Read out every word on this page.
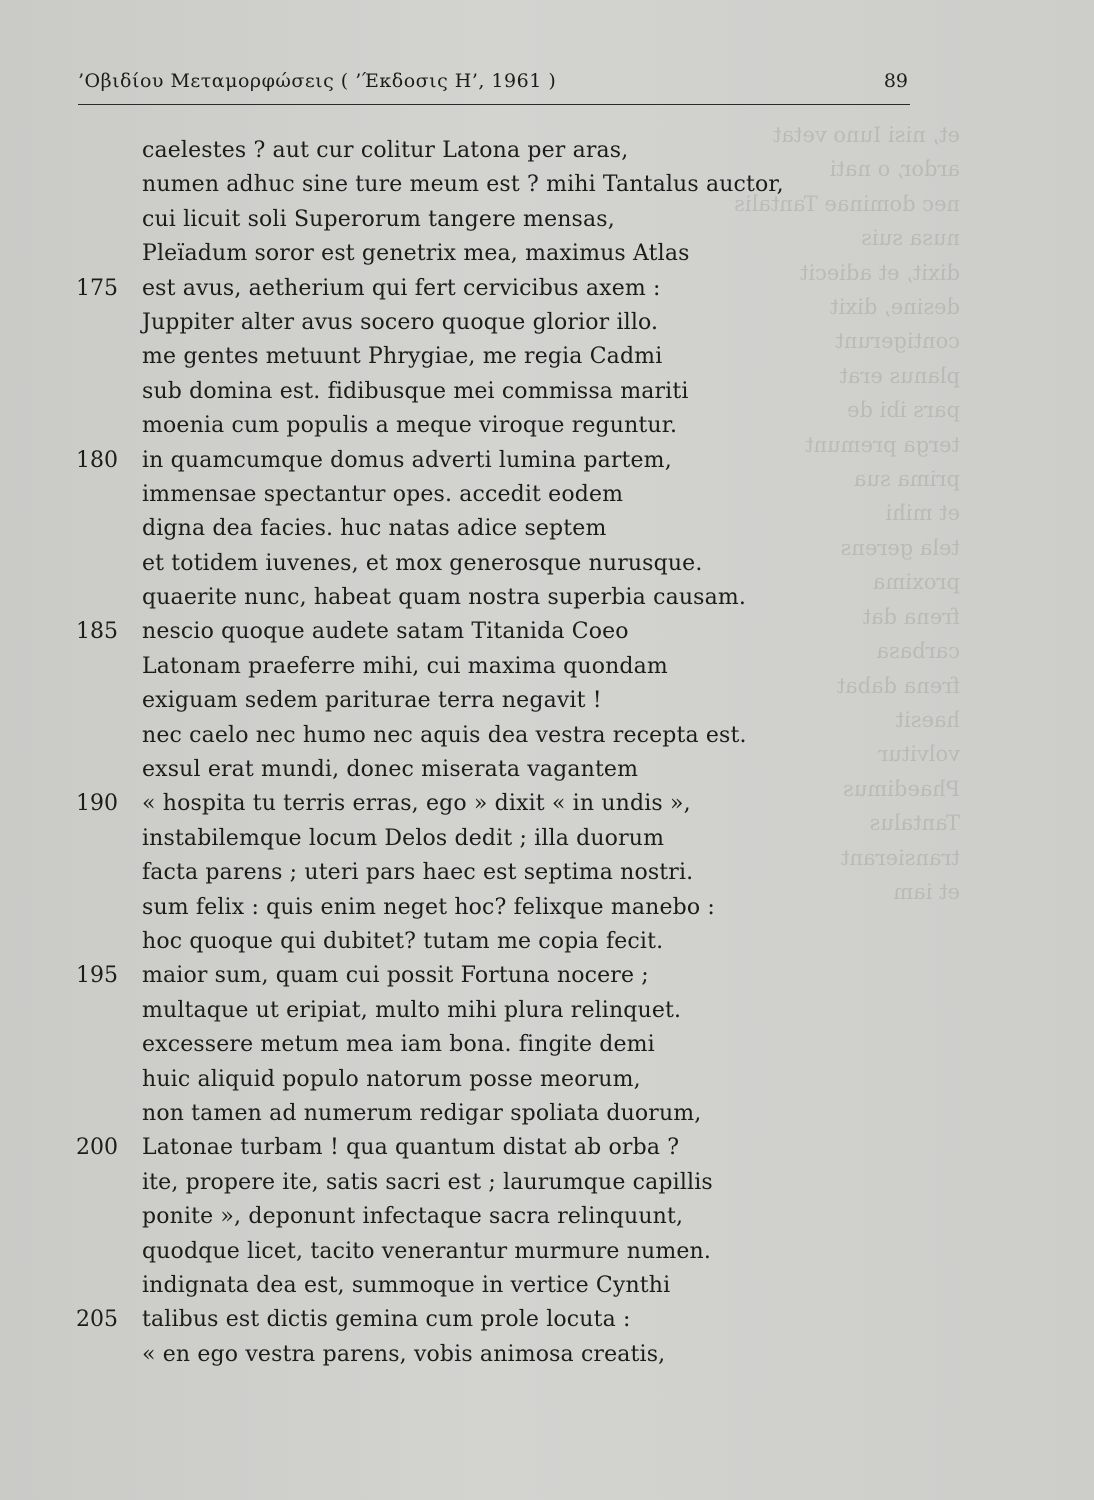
et, nisi Iuno vetat
ardor, o nati
nec dominae Tantalis
nusa suis
dixit, et adiecit
desine, dixit
contigerunt
planus erat
pars ibi de
terga premunt
prima sua
et mihi
tela gerens
proxima
frena dat
carbasa
frena dabat
haesit
volvitur
Phaedimus
Tantalus
transierant
et iam
’Οβιδίου Μεταμορφώσεις ( ’Έκδοσις Η’, 1961 )	89
caelestes ? aut cur colitur Latona per aras,
numen adhuc sine ture meum est ? mihi Tantalus auctor,
cui licuit soli Superorum tangere mensas,
Pleïadum soror est genetrix mea, maximus Atlas
175 est avus, aetherium qui fert cervicibus axem :
Juppiter alter avus socero quoque glorior illo.
me gentes metuunt Phrygiae, me regia Cadmi
sub domina est. fidibusque mei commissa mariti
moenia cum populis a meque viroque reguntur.
180 in quamcumque domus adverti lumina partem,
immensae spectantur opes. accedit eodem
digna dea facies. huc natas adice septem
et totidem iuvenes, et mox generosque nurusque.
quaerite nunc, habeat quam nostra superbia causam.
185 nescio quoque audete satam Titanida Coeo
Latonam praeferre mihi, cui maxima quondam
exiguam sedem pariturae terra negavit !
nec caelo nec humo nec aquis dea vestra recepta est.
exsul erat mundi, donec miserata vagantem
190 « hospita tu terris erras, ego » dixit « in undis »,
instabilemque locum Delos dedit ; illa duorum
facta parens ; uteri pars haec est septima nostri.
sum felix : quis enim neget hoc? felixque manebo :
hoc quoque qui dubitet? tutam me copia fecit.
195 maior sum, quam cui possit Fortuna nocere ;
multaque ut eripiat, multo mihi plura relinquet.
excessere metum mea iam bona. fingite demi
huic aliquid populo natorum posse meorum,
non tamen ad numerum redigar spoliata duorum,
200 Latonae turbam ! qua quantum distat ab orba ?
ite, propere ite, satis sacri est ; laurumque capillis
ponite », deponunt infectaque sacra relinquunt,
quodque licet, tacito venerantur murmure numen.
indignata dea est, summoque in vertice Cynthi
205 talibus est dictis gemina cum prole locuta :
« en ego vestra parens, vobis animosa creatis,
